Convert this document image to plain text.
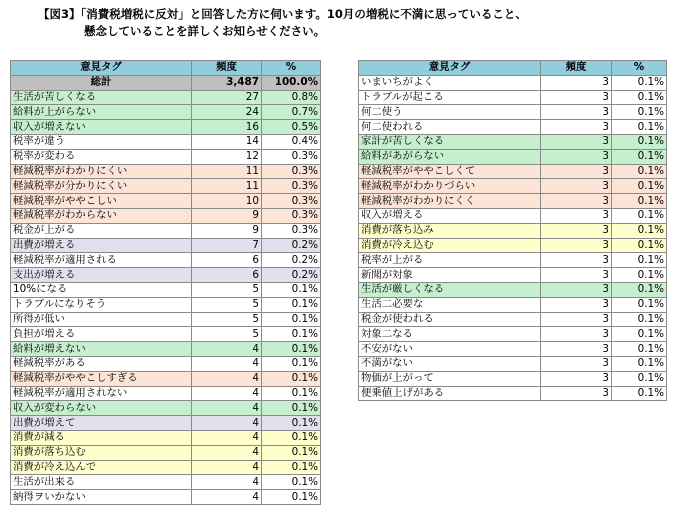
【図3】「消費税増税に反対」と回答した方に伺います。10月の増税に不満に思っていること、
懸念していることを詳しくお知らせください。
意見タグ	頻度	%
総計	3,487	100.0%
生活が苦しくなる	27	0.8%
給料が上がらない	24	0.7%
収入が増えない	16	0.5%
税率が違う	14	0.4%
税率が変わる	12	0.3%
軽減税率がわかりにくい	11	0.3%
軽減税率が分かりにくい	11	0.3%
軽減税率がややこしい	10	0.3%
軽減税率がわからない	9	0.3%
税金が上がる	9	0.3%
出費が増える	7	0.2%
軽減税率が適用される	6	0.2%
支出が増える	6	0.2%
10%になる	5	0.1%
トラブルになりそう	5	0.1%
所得が低い	5	0.1%
負担が増える	5	0.1%
給料が増えない	4	0.1%
軽減税率がある	4	0.1%
軽減税率がややこしすぎる	4	0.1%
軽減税率が適用されない	4	0.1%
収入が変わらない	4	0.1%
出費が増えて	4	0.1%
消費が減る	4	0.1%
消費が落ち込む	4	0.1%
消費が冷え込んで	4	0.1%
生活が出来る	4	0.1%
納得ヲいかない	4	0.1%
意見タグ	頻度	%
いまいちがよく	3	0.1%
トラブルが起こる	3	0.1%
何二使う	3	0.1%
何二使われる	3	0.1%
家計が苦しくなる	3	0.1%
給料があがらない	3	0.1%
軽減税率がややこしくて	3	0.1%
軽減税率がわかりづらい	3	0.1%
軽減税率がわかりにくく	3	0.1%
収入が増える	3	0.1%
消費が落ち込み	3	0.1%
消費が冷え込む	3	0.1%
税率が上がる	3	0.1%
新聞が対象	3	0.1%
生活が厳しくなる	3	0.1%
生活二必要な	3	0.1%
税金が使われる	3	0.1%
対象二なる	3	0.1%
不安がない	3	0.1%
不満がない	3	0.1%
物価が上がって	3	0.1%
便乗値上げがある	3	0.1%
